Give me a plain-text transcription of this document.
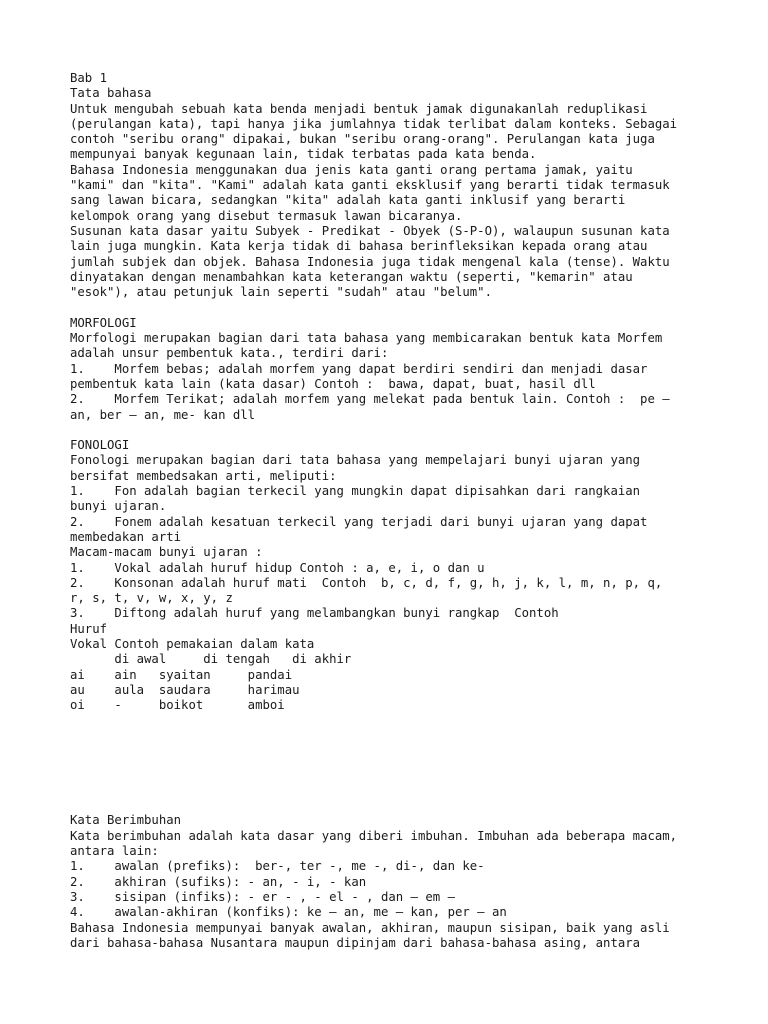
Bab 1
Tata bahasa
Untuk mengubah sebuah kata benda menjadi bentuk jamak digunakanlah reduplikasi
(perulangan kata), tapi hanya jika jumlahnya tidak terlibat dalam konteks. Sebagai
contoh "seribu orang" dipakai, bukan "seribu orang-orang". Perulangan kata juga
mempunyai banyak kegunaan lain, tidak terbatas pada kata benda.
Bahasa Indonesia menggunakan dua jenis kata ganti orang pertama jamak, yaitu
"kami" dan "kita". "Kami" adalah kata ganti eksklusif yang berarti tidak termasuk
sang lawan bicara, sedangkan "kita" adalah kata ganti inklusif yang berarti
kelompok orang yang disebut termasuk lawan bicaranya.
Susunan kata dasar yaitu Subyek - Predikat - Obyek (S-P-O), walaupun susunan kata
lain juga mungkin. Kata kerja tidak di bahasa berinfleksikan kepada orang atau
jumlah subjek dan objek. Bahasa Indonesia juga tidak mengenal kala (tense). Waktu
dinyatakan dengan menambahkan kata keterangan waktu (seperti, "kemarin" atau
"esok"), atau petunjuk lain seperti "sudah" atau "belum".
MORFOLOGI
Morfologi merupakan bagian dari tata bahasa yang membicarakan bentuk kata Morfem
adalah unsur pembentuk kata., terdiri dari:
1.    Morfem bebas; adalah morfem yang dapat berdiri sendiri dan menjadi dasar
pembentuk kata lain (kata dasar) Contoh :  bawa, dapat, buat, hasil dll
2.    Morfem Terikat; adalah morfem yang melekat pada bentuk lain. Contoh :  pe –
an, ber – an, me- kan dll
FONOLOGI
Fonologi merupakan bagian dari tata bahasa yang mempelajari bunyi ujaran yang
bersifat membedsakan arti, meliputi:
1.    Fon adalah bagian terkecil yang mungkin dapat dipisahkan dari rangkaian
bunyi ujaran.
2.    Fonem adalah kesatuan terkecil yang terjadi dari bunyi ujaran yang dapat
membedakan arti
Macam-macam bunyi ujaran :
1.    Vokal adalah huruf hidup Contoh : a, e, i, o dan u
2.    Konsonan adalah huruf mati  Contoh  b, c, d, f, g, h, j, k, l, m, n, p, q,
r, s, t, v, w, x, y, z
3.    Diftong adalah huruf yang melambangkan bunyi rangkap  Contoh
Huruf
Vokal Contoh pemakaian dalam kata
di awal     di tengah   di akhir
ai    ain   syaitan     pandai
au    aula  saudara     harimau
oi    -     boikot      amboi
Kata Berimbuhan
Kata berimbuhan adalah kata dasar yang diberi imbuhan. Imbuhan ada beberapa macam,
antara lain:
1.    awalan (prefiks):  ber-, ter -, me -, di-, dan ke-
2.    akhiran (sufiks): - an, - i, - kan
3.    sisipan (infiks): - er - , - el - , dan – em –
4.    awalan-akhiran (konfiks): ke – an, me – kan, per – an
Bahasa Indonesia mempunyai banyak awalan, akhiran, maupun sisipan, baik yang asli
dari bahasa-bahasa Nusantara maupun dipinjam dari bahasa-bahasa asing, antara
